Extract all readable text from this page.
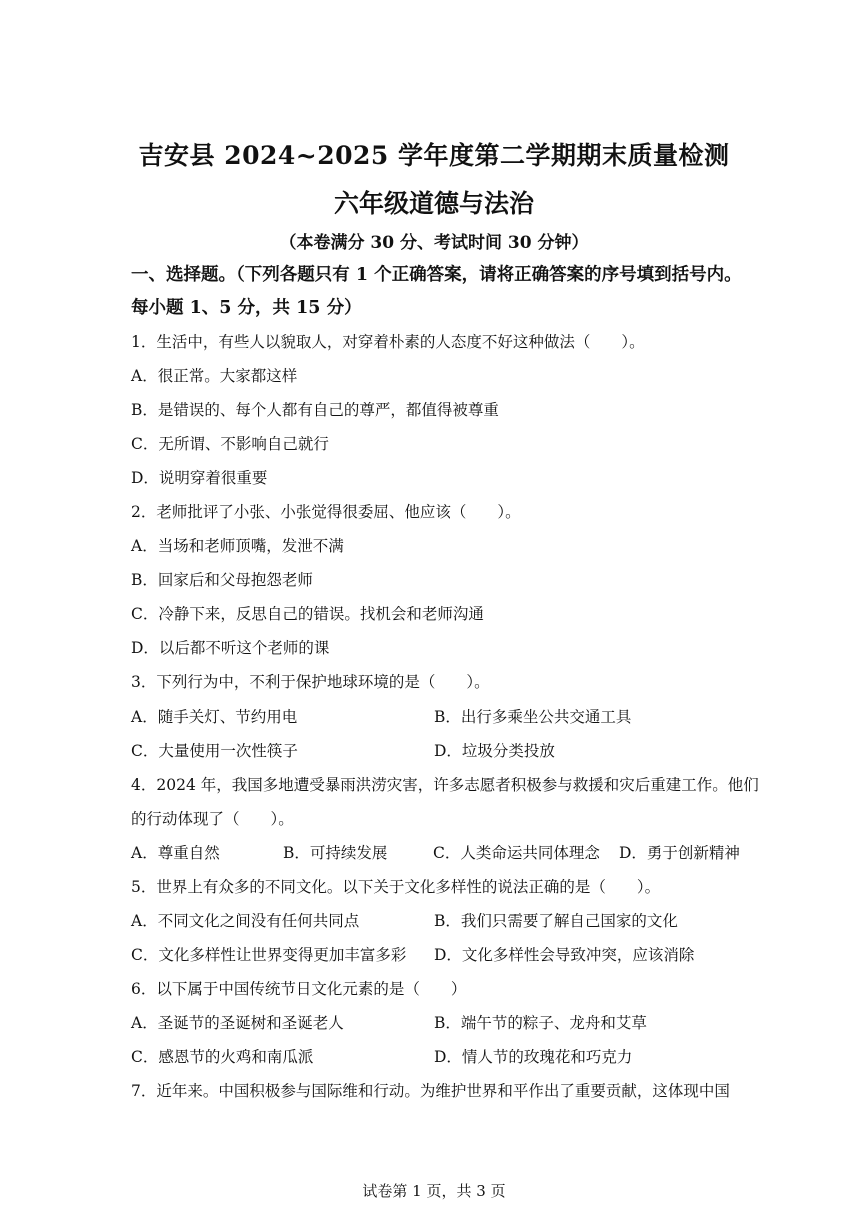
吉安县 2024~2025 学年度第二学期期末质量检测
六年级道德与法治
（本卷满分 30 分、考试时间 30 分钟）
一、选择题。（下列各题只有 1 个正确答案，请将正确答案的序号填到括号内。
每小题 1、5 分，共 15 分）
1．生活中，有些人以貌取人，对穿着朴素的人态度不好这种做法（　　）。
A．很正常。大家都这样
B．是错误的、每个人都有自己的尊严，都值得被尊重
C．无所谓、不影响自己就行
D．说明穿着很重要
2．老师批评了小张、小张觉得很委屈、他应该（　　）。
A．当场和老师顶嘴，发泄不满
B．回家后和父母抱怨老师
C．冷静下来，反思自己的错误。找机会和老师沟通
D．以后都不听这个老师的课
3．下列行为中，不利于保护地球环境的是（　　）。
A．随手关灯、节约用电	B．出行多乘坐公共交通工具
C．大量使用一次性筷子	D．垃圾分类投放
4．2024 年，我国多地遭受暴雨洪涝灾害，许多志愿者积极参与救援和灾后重建工作。他们
的行动体现了（　　）。
A．尊重自然	B．可持续发展	C．人类命运共同体理念 D．勇于创新精神
5．世界上有众多的不同文化。以下关于文化多样性的说法正确的是（　　）。
A．不同文化之间没有任何共同点	B．我们只需要了解自己国家的文化
C．文化多样性让世界变得更加丰富多彩 D．文化多样性会导致冲突，应该消除
6．以下属于中国传统节日文化元素的是（　　）
A．圣诞节的圣诞树和圣诞老人	B．端午节的粽子、龙舟和艾草
C．感恩节的火鸡和南瓜派	D．情人节的玫瑰花和巧克力
7．近年来。中国积极参与国际维和行动。为维护世界和平作出了重要贡献，这体现中国
试卷第 1 页，共 3 页
